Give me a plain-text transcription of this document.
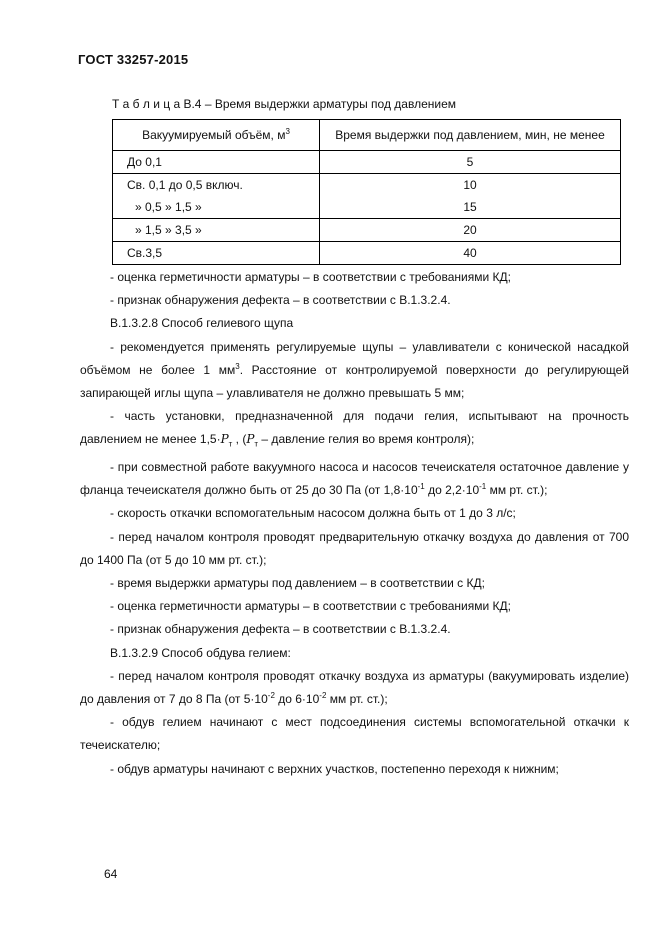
ГОСТ 33257-2015
Т а б л и ц а В.4 – Время выдержки арматуры под давлением
Вакуумируемый объём, $м^3$	Время выдержки под давлением, мин, не менее
До 0,1	5
Св. 0,1 до 0,5 включ.	10
» 0,5 » 1,5 »	15
» 1,5 » 3,5 »	20
Св.3,5	40

- оценка герметичности арматуры – в соответствии с требованиями КД;

- признак обнаружения дефекта – в соответствии с В.1.3.2.4.

В.1.3.2.8 Способ гелиевого щупа

- рекомендуется применять регулируемые щупы – улавливатели с конической насадкой объёмом не более 1 $мм^3$. Расстояние от контролируемой поверхности до регулирующей запирающей иглы щупа – улавливателя не должно превышать 5 мм;

- часть установки, предназначенной для подачи гелия, испытывают на прочность давлением не менее $1,5\cdot P_т$ , ($P_т$ – давление гелия во время контроля);

- при совместной работе вакуумного насоса и насосов течеискателя остаточное давление у фланца течеискателя должно быть от 25 до 30 Па (от $1,8\cdot 10^{-1}$ до $2,2\cdot 10^{-1}$ мм рт. ст.);

- скорость откачки вспомогательным насосом должна быть от 1 до 3 л/с;

- перед началом контроля проводят предварительную откачку воздуха до давления от 700 до 1400 Па (от 5 до 10 мм рт. ст.);

- время выдержки арматуры под давлением – в соответствии с КД;

- оценка герметичности арматуры – в соответствии с требованиями КД;

- признак обнаружения дефекта – в соответствии с В.1.3.2.4.

В.1.3.2.9 Способ обдува гелием:

- перед началом контроля проводят откачку воздуха из арматуры (вакуумировать изделие) до давления от 7 до 8 Па (от $5\cdot 10^{-2}$ до $6\cdot 10^{-2}$ мм рт. ст.);

- обдув гелием начинают с мест подсоединения системы вспомогательной откачки к течеискателю;

- обдув арматуры начинают с верхних участков, постепенно переходя к нижним;

64
